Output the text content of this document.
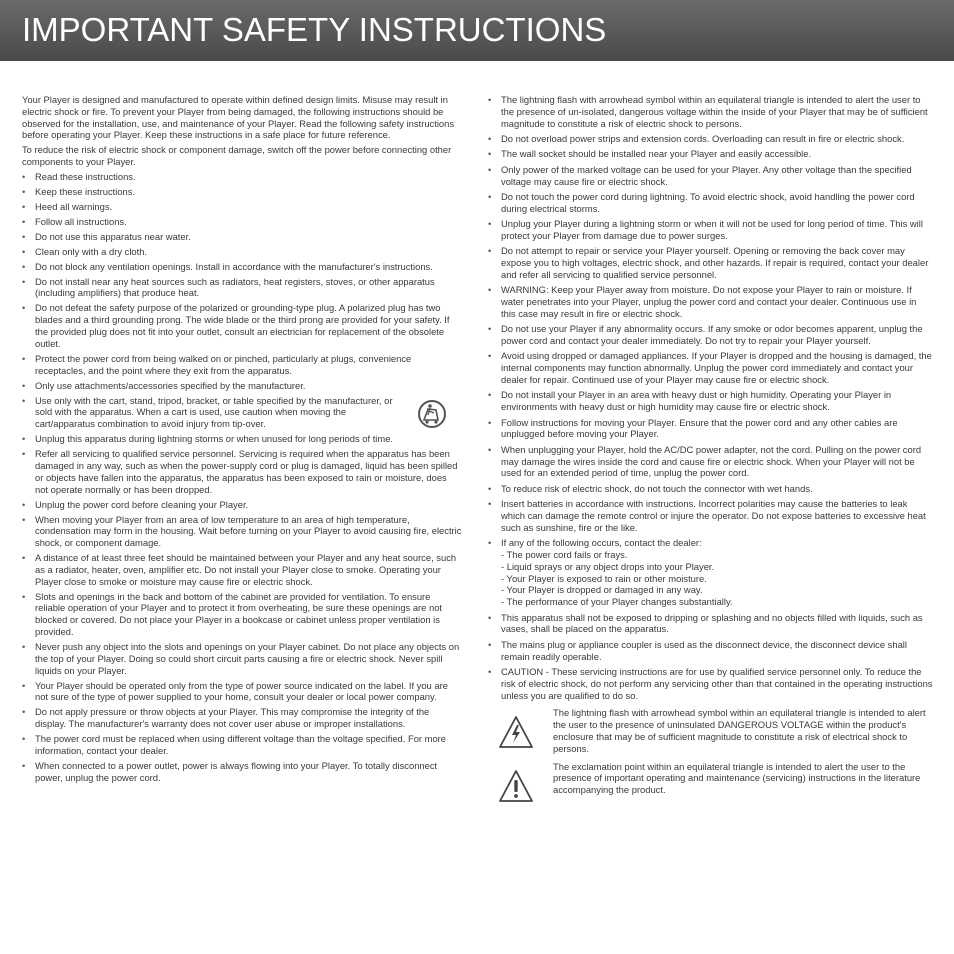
IMPORTANT SAFETY INSTRUCTIONS

Your Player is designed and manufactured to operate within defined design limits. Misuse may result in electric shock or fire. To prevent your Player from being damaged, the following instructions should be observed for the installation, use, and maintenance of your Player. Read the following safety instructions before operating your Player. Keep these instructions in a safe place for future reference.

To reduce the risk of electric shock or component damage, switch off the power before connecting other components to your Player.

• Read these instructions.
• Keep these instructions.
• Heed all warnings.
• Follow all instructions.
• Do not use this apparatus near water.
• Clean only with a dry cloth.
• Do not block any ventilation openings. Install in accordance with the manufacturer's instructions.
• Do not install near any heat sources such as radiators, heat registers, stoves, or other apparatus (including amplifiers) that produce heat.
• Do not defeat the safety purpose of the polarized or grounding-type plug. A polarized plug has two blades and a third grounding prong. The wide blade or the third prong are provided for your safety. If the provided plug does not fit into your outlet, consult an electrician for replacement of the obsolete outlet.
• Protect the power cord from being walked on or pinched, particularly at plugs, convenience receptacles, and the point where they exit from the apparatus.
• Only use attachments/accessories specified by the manufacturer.
• Use only with the cart, stand, tripod, bracket, or table specified by the manufacturer, or sold with the apparatus. When a cart is used, use caution when moving the cart/apparatus combination to avoid injury from tip-over.
• Unplug this apparatus during lightning storms or when unused for long periods of time.
• Refer all servicing to qualified service personnel. Servicing is required when the apparatus has been damaged in any way, such as when the power-supply cord or plug is damaged, liquid has been spilled or objects have fallen into the apparatus, the apparatus has been exposed to rain or moisture, does not operate normally or has been dropped.
• Unplug the power cord before cleaning your Player.
• When moving your Player from an area of low temperature to an area of high temperature, condensation may form in the housing. Wait before turning on your Player to avoid causing fire, electric shock, or component damage.
• A distance of at least three feet should be maintained between your Player and any heat source, such as a radiator, heater, oven, amplifier etc. Do not install your Player close to smoke. Operating your Player close to smoke or moisture may cause fire or electric shock.
• Slots and openings in the back and bottom of the cabinet are provided for ventilation. To ensure reliable operation of your Player and to protect it from overheating, be sure these openings are not blocked or covered. Do not place your Player in a bookcase or cabinet unless proper ventilation is provided.
• Never push any object into the slots and openings on your Player cabinet. Do not place any objects on the top of your Player. Doing so could short circuit parts causing a fire or electric shock. Never spill liquids on your Player.
• Your Player should be operated only from the type of power source indicated on the label. If you are not sure of the type of power supplied to your home, consult your dealer or local power company.
• Do not apply pressure or throw objects at your Player. This may compromise the integrity of the display. The manufacturer's warranty does not cover user abuse or improper installations.
• The power cord must be replaced when using different voltage than the voltage specified. For more information, contact your dealer.
• When connected to a power outlet, power is always flowing into your Player. To totally disconnect power, unplug the power cord.
• The lightning flash with arrowhead symbol within an equilateral triangle is intended to alert the user to the presence of un-isolated, dangerous voltage within the inside of your Player that may be of sufficient magnitude to constitute a risk of electric shock to persons.
• Do not overload power strips and extension cords. Overloading can result in fire or electric shock.
• The wall socket should be installed near your Player and easily accessible.
• Only power of the marked voltage can be used for your Player. Any other voltage than the specified voltage may cause fire or electric shock.
• Do not touch the power cord during lightning. To avoid electric shock, avoid handling the power cord during electrical storms.
• Unplug your Player during a lightning storm or when it will not be used for long period of time. This will protect your Player from damage due to power surges.
• Do not attempt to repair or service your Player yourself. Opening or removing the back cover may expose you to high voltages, electric shock, and other hazards. If repair is required, contact your dealer and refer all servicing to qualified service personnel.
• WARNING: Keep your Player away from moisture. Do not expose your Player to rain or moisture. If water penetrates into your Player, unplug the power cord and contact your dealer. Continuous use in this case may result in fire or electric shock.
• Do not use your Player if any abnormality occurs. If any smoke or odor becomes apparent, unplug the power cord and contact your dealer immediately. Do not try to repair your Player yourself.
• Avoid using dropped or damaged appliances. If your Player is dropped and the housing is damaged, the internal components may function abnormally. Unplug the power cord immediately and contact your dealer for repair. Continued use of your Player may cause fire or electric shock.
• Do not install your Player in an area with heavy dust or high humidity. Operating your Player in environments with heavy dust or high humidity may cause fire or electric shock.
• Follow instructions for moving your Player. Ensure that the power cord and any other cables are unplugged before moving your Player.
• When unplugging your Player, hold the AC/DC power adapter, not the cord. Pulling on the power cord may damage the wires inside the cord and cause fire or electric shock. When your Player will not be used for an extended period of time, unplug the power cord.
• To reduce risk of electric shock, do not touch the connector with wet hands.
• Insert batteries in accordance with instructions. Incorrect polarities may cause the batteries to leak which can damage the remote control or injure the operator. Do not expose batteries to excessive heat such as sunshine, fire or the like.
• If any of the following occurs, contact the dealer:
- The power cord fails or frays.
- Liquid sprays or any object drops into your Player.
- Your Player is exposed to rain or other moisture.
- Your Player is dropped or damaged in any way.
- The performance of your Player changes substantially.
• This apparatus shall not be exposed to dripping or splashing and no objects filled with liquids, such as vases, shall be placed on the apparatus.
• The mains plug or appliance coupler is used as the disconnect device, the disconnect device shall remain readily operable.
• CAUTION - These servicing instructions are for use by qualified service personnel only. To reduce the risk of electric shock, do not perform any servicing other than that contained in the operating instructions unless you are qualified to do so.

The lightning flash with arrowhead symbol within an equilateral triangle is intended to alert the user to the presence of uninsulated DANGEROUS VOLTAGE within the product's enclosure that may be of sufficient magnitude to constitute a risk of electrical shock to persons.

The exclamation point within an equilateral triangle is intended to alert the user to the presence of important operating and maintenance (servicing) instructions in the literature accompanying the product.
